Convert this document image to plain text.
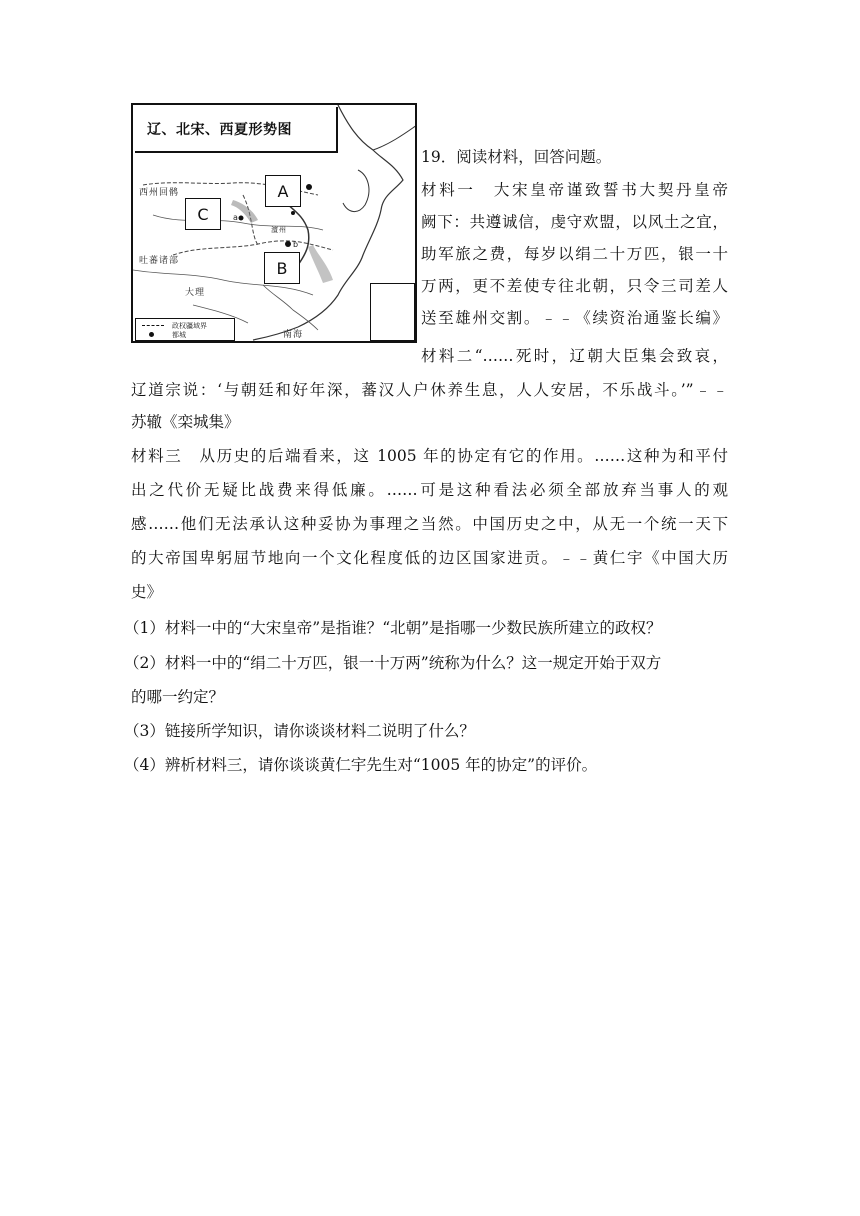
辽、北宋、西夏形势图
A
C
B
西州回鹘
吐蕃诸部
大理
南海
澶州
a
b
政权疆域界
都城
19．阅读材料，回答问题。
材料一　大宋皇帝谨致誓书大契丹皇帝
阙下：共遵诚信，虔守欢盟，以风土之宜，
助军旅之费，每岁以绢二十万匹，银一十
万两，更不差使专往北朝，只令三司差人
送至雄州交割。﹣﹣《续资治通鉴长编》
材料二“……死时，辽朝大臣集会致哀，
辽道宗说：‘与朝廷和好年深，蕃汉人户休养生息，人人安居，不乐战斗。’”﹣﹣
苏辙《栾城集》
材料三　从历史的后端看来，这 1005 年的协定有它的作用。……这种为和平付
出之代价无疑比战费来得低廉。……可是这种看法必须全部放弃当事人的观
感……他们无法承认这种妥协为事理之当然。中国历史之中，从无一个统一天下
的大帝国卑躬屈节地向一个文化程度低的边区国家进贡。﹣﹣黄仁宇《中国大历
史》
（1）材料一中的“大宋皇帝”是指谁？“北朝”是指哪一少数民族所建立的政权？
（2）材料一中的“绢二十万匹，银一十万两”统称为什么？这一规定开始于双方
的哪一约定？
（3）链接所学知识，请你谈谈材料二说明了什么？
（4）辨析材料三，请你谈谈黄仁宇先生对“1005 年的协定”的评价。
